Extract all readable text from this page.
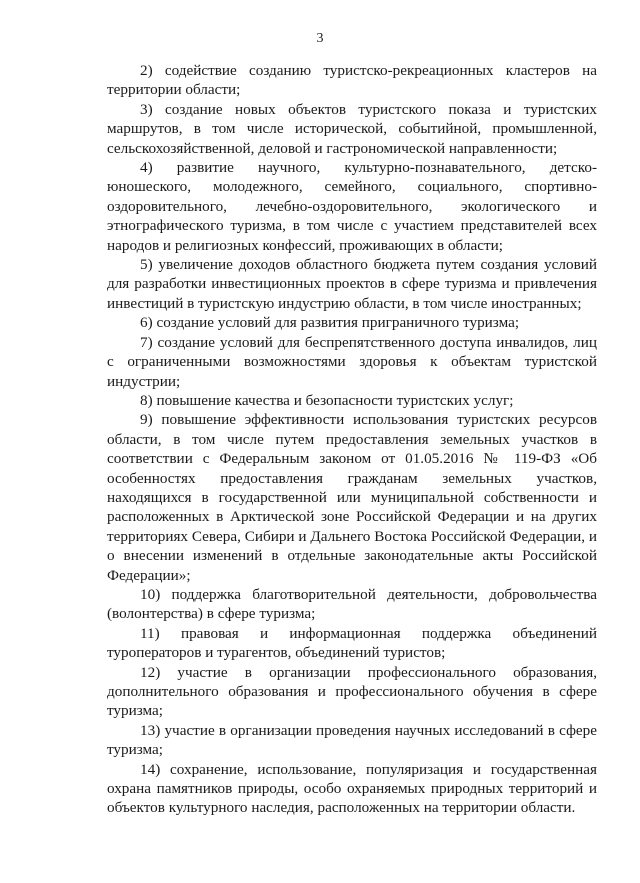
3

2) содействие созданию туристско-рекреационных кластеров на территории области;

3) создание новых объектов туристского показа и туристских маршрутов, в том числе исторической, событийной, промышленной, сельскохозяйственной, деловой и гастрономической направленности;

4) развитие научного, культурно-познавательного, детско-юношеского, молодежного, семейного, социального, спортивно-оздоровительного, лечебно-оздоровительного, экологического и этнографического туризма, в том числе с участием представителей всех народов и религиозных конфессий, проживающих в области;

5) увеличение доходов областного бюджета путем создания условий для разработки инвестиционных проектов в сфере туризма и привлечения инвестиций в туристскую индустрию области, в том числе иностранных;

6) создание условий для развития приграничного туризма;

7) создание условий для беспрепятственного доступа инвалидов, лиц с ограниченными возможностями здоровья к объектам туристской индустрии;

8) повышение качества и безопасности туристских услуг;

9) повышение эффективности использования туристских ресурсов области, в том числе путем предоставления земельных участков в соответствии с Федеральным законом от 01.05.2016 № 119-ФЗ «Об особенностях предоставления гражданам земельных участков, находящихся в государственной или муниципальной собственности и расположенных в Арктической зоне Российской Федерации и на других территориях Севера, Сибири и Дальнего Востока Российской Федерации, и о внесении изменений в отдельные законодательные акты Российской Федерации»;

10) поддержка благотворительной деятельности, добровольчества (волонтерства) в сфере туризма;

11) правовая и информационная поддержка объединений туроператоров и турагентов, объединений туристов;

12) участие в организации профессионального образования, дополнительного образования и профессионального обучения в сфере туризма;

13) участие в организации проведения научных исследований в сфере туризма;

14) сохранение, использование, популяризация и государственная охрана памятников природы, особо охраняемых природных территорий и объектов культурного наследия, расположенных на территории области.
